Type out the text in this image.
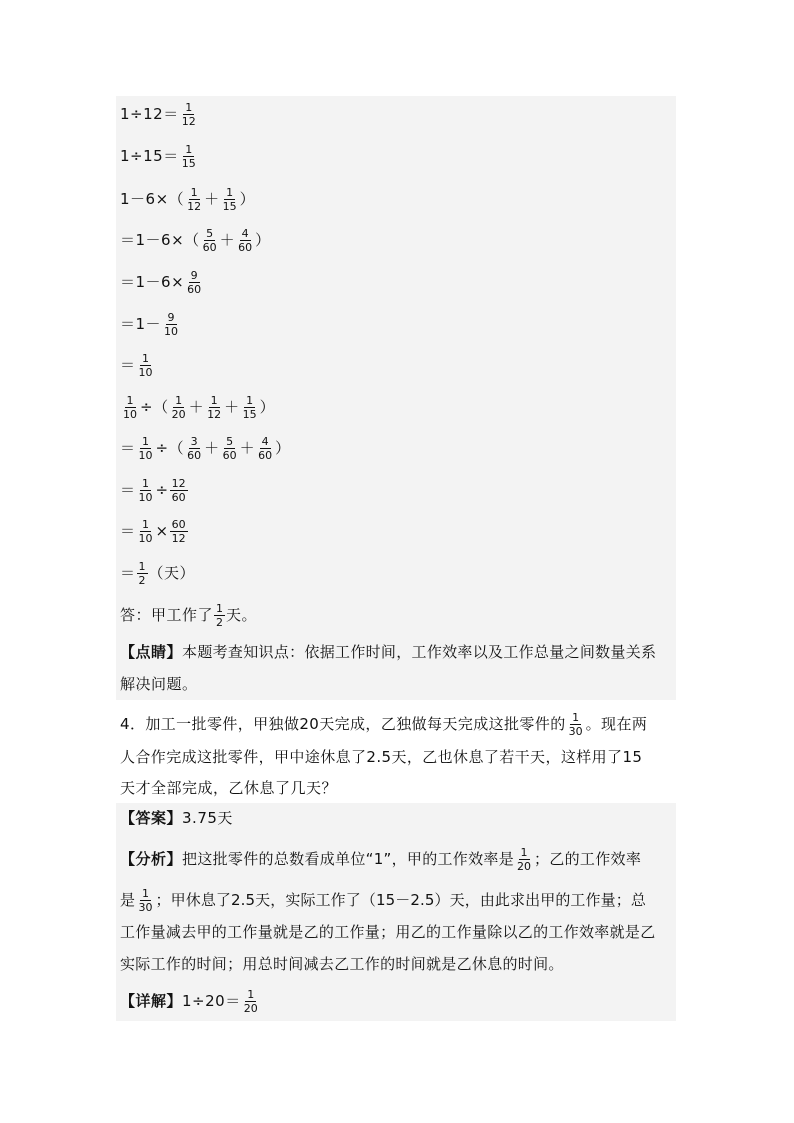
$1\div 12= \frac{1}{12}$
$1\div 15= \frac{1}{15}$
$1-6\times( \frac{1}{12} + \frac{1}{15}$ ）
$=1-6\times( \frac{5}{60} + \frac{4}{60}$ ）
$=1-6\times \frac{9}{60}$
$=1- \frac{9}{10}$
＝ $\frac{1}{10}$
$\frac{1}{10}$ ÷（ $\frac{1}{20} + \frac{1}{12} + \frac{1}{15}$ ）
＝ $\frac{1}{10}$ ÷（ $\frac{3}{60} + \frac{5}{60} + \frac{4}{60}$ ）
＝ $\frac{1}{10} \div \frac{12}{60}$
＝ $\frac{1}{10} \times \frac{60}{12}$
＝ $\frac{1}{2}$ （天）
答：甲工作了 $\frac{1}{2}$ 天。
【点睛】 本题考查知识点：依据工作时间，工作效率以及工作总量之间数量关系
解决问题。
4．加工一批零件，甲独做20天完成，乙独做每天完成这批零件的 $\frac{1}{30}$ 。现在两
人合作完成这批零件，甲中途休息了2.5天，乙也休息了若干天，这样用了15
天才全部完成，乙休息了几天？
【答案】 3.75天
【分析】 把这批零件的总数看成单位“1”，甲的工作效率是 $\frac{1}{20}$ ；乙的工作效率
是 $\frac{1}{30}$ ；甲休息了2.5天，实际工作了（15－2.5）天，由此求出甲的工作量；总
工作量减去甲的工作量就是乙的工作量；用乙的工作量除以乙的工作效率就是乙
实际工作的时间；用总时间减去乙工作的时间就是乙休息的时间。
【详解】 $1\div 20= \frac{1}{20}$
